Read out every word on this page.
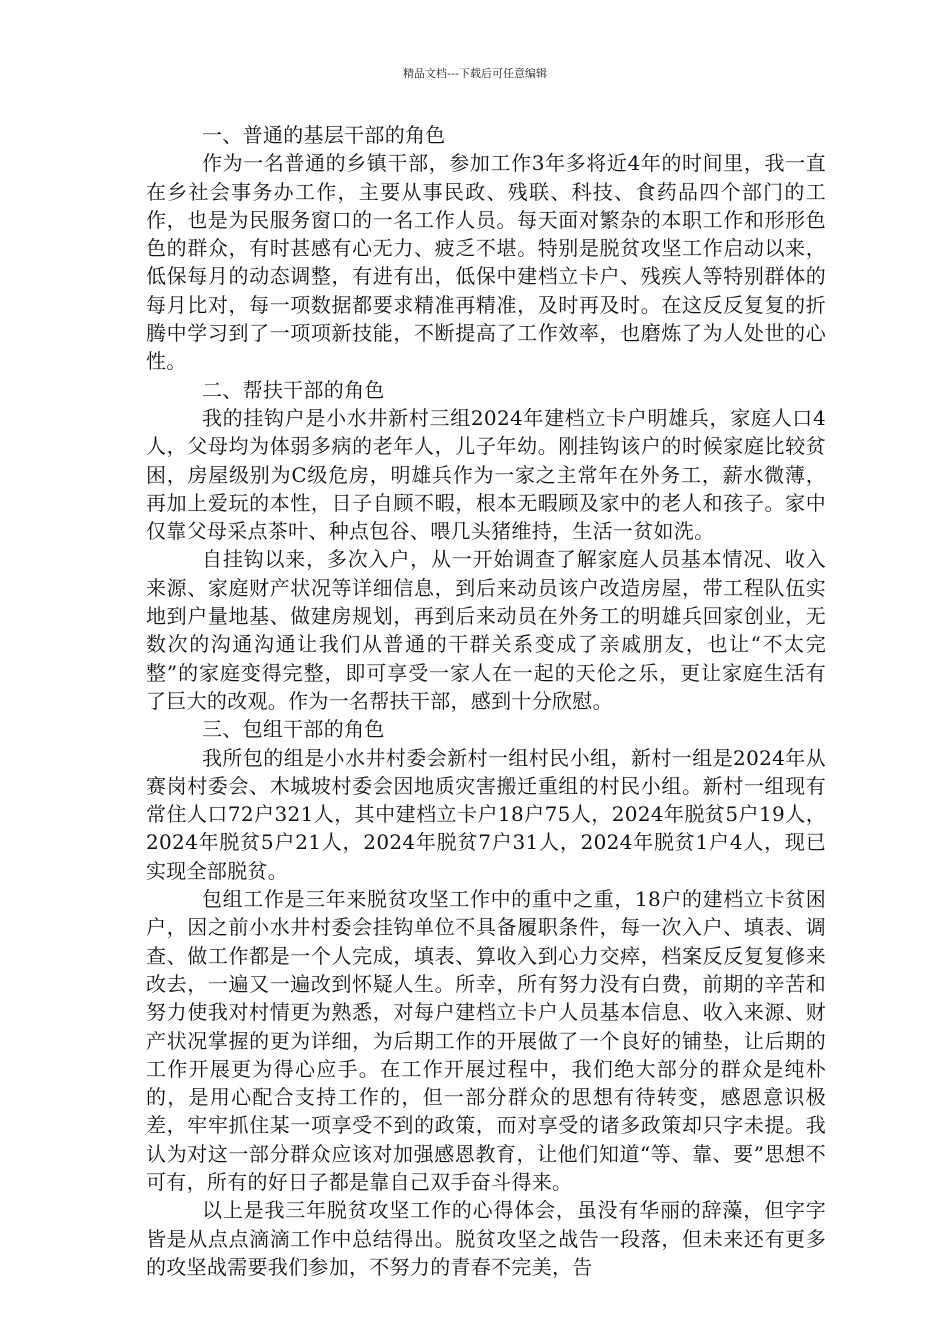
精品文档---下载后可任意编辑

一、普通的基层干部的角色

作为一名普通的乡镇干部，参加工作3年多将近4年的时间里，我一直在乡社会事务办工作，主要从事民政、残联、科技、食药品四个部门的工作，也是为民服务窗口的一名工作人员。每天面对繁杂的本职工作和形形色色的群众，有时甚感有心无力、疲乏不堪。特别是脱贫攻坚工作启动以来，低保每月的动态调整，有进有出，低保中建档立卡户、残疾人等特别群体的每月比对，每一项数据都要求精准再精准，及时再及时。在这反反复复的折腾中学习到了一项项新技能，不断提高了工作效率，也磨炼了为人处世的心性。

二、帮扶干部的角色

我的挂钩户是小水井新村三组2024年建档立卡户明雄兵，家庭人口4人，父母均为体弱多病的老年人，儿子年幼。刚挂钩该户的时候家庭比较贫困，房屋级别为C级危房，明雄兵作为一家之主常年在外务工，薪水微薄，再加上爱玩的本性，日子自顾不暇，根本无暇顾及家中的老人和孩子。家中仅靠父母采点茶叶、种点包谷、喂几头猪维持，生活一贫如洗。

自挂钩以来，多次入户，从一开始调查了解家庭人员基本情况、收入来源、家庭财产状况等详细信息，到后来动员该户改造房屋，带工程队伍实地到户量地基、做建房规划，再到后来动员在外务工的明雄兵回家创业，无数次的沟通沟通让我们从普通的干群关系变成了亲戚朋友，也让“不太完整”的家庭变得完整，即可享受一家人在一起的天伦之乐，更让家庭生活有了巨大的改观。作为一名帮扶干部，感到十分欣慰。

三、包组干部的角色

我所包的组是小水井村委会新村一组村民小组，新村一组是2024年从赛岗村委会、木城坡村委会因地质灾害搬迁重组的村民小组。新村一组现有常住人口72户321人，其中建档立卡户18户75人，2024年脱贫5户19人，2024年脱贫5户21人，2024年脱贫7户31人，2024年脱贫1户4人，现已实现全部脱贫。

包组工作是三年来脱贫攻坚工作中的重中之重，18户的建档立卡贫困户，因之前小水井村委会挂钩单位不具备履职条件，每一次入户、填表、调查、做工作都是一个人完成，填表、算收入到心力交瘁，档案反反复复修来改去，一遍又一遍改到怀疑人生。所幸，所有努力没有白费，前期的辛苦和努力使我对村情更为熟悉，对每户建档立卡户人员基本信息、收入来源、财产状况掌握的更为详细，为后期工作的开展做了一个良好的铺垫，让后期的工作开展更为得心应手。在工作开展过程中，我们绝大部分的群众是纯朴的，是用心配合支持工作的，但一部分群众的思想有待转变，感恩意识极差，牢牢抓住某一项享受不到的政策，而对享受的诸多政策却只字未提。我认为对这一部分群众应该对加强感恩教育，让他们知道“等、靠、要”思想不可有，所有的好日子都是靠自己双手奋斗得来。

以上是我三年脱贫攻坚工作的心得体会，虽没有华丽的辞藻，但字字皆是从点点滴滴工作中总结得出。脱贫攻坚之战告一段落，但未来还有更多的攻坚战需要我们参加，不努力的青春不完美，告
